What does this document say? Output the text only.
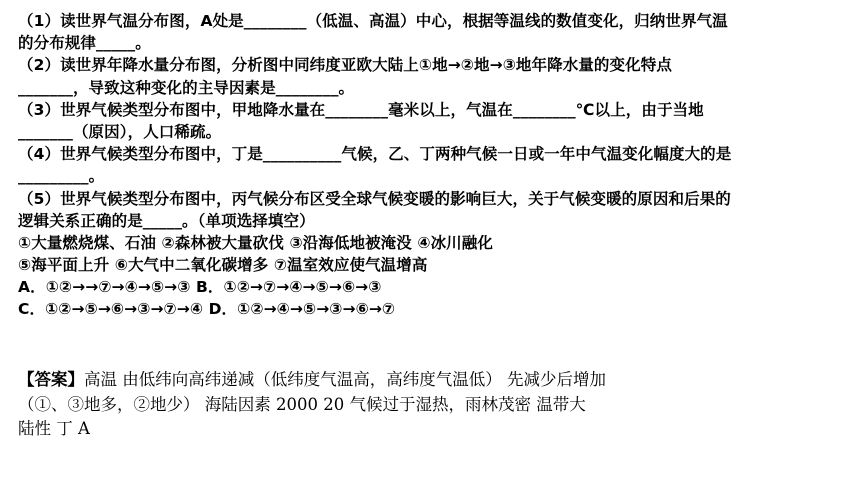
（1）读世界气温分布图，A处是________（低温、高温）中心，根据等温线的数值变化，归纳世界气温
的分布规律_____。
（2）读世界年降水量分布图，分析图中同纬度亚欧大陆上①地→②地→③地年降水量的变化特点
_______，导致这种变化的主导因素是________。
（3）世界气候类型分布图中，甲地降水量在________毫米以上，气温在________℃以上，由于当地
_______（原因），人口稀疏。
（4）世界气候类型分布图中，丁是__________气候，乙、丁两种气候一日或一年中气温变化幅度大的是
_________。
（5）世界气候类型分布图中，丙气候分布区受全球气候变暖的影响巨大，关于气候变暖的原因和后果的
逻辑关系正确的是_____。（单项选择填空）
①大量燃烧煤、石油 ②森林被大量砍伐 ③沿海低地被淹没 ④冰川融化
⑤海平面上升 ⑥大气中二氧化碳增多 ⑦温室效应使气温增高
A．①②→→⑦→④→⑤→③ B．①②→⑦→④→⑤→⑥→③
C．①②→⑤→⑥→③→⑦→④ D．①②→④→⑤→③→⑥→⑦
【答案】高温 由低纬向高纬递减（低纬度气温高，高纬度气温低） 先减少后增加
（①、③地多，②地少） 海陆因素 2000 20 气候过于湿热，雨林茂密 温带大
陆性 丁 A
